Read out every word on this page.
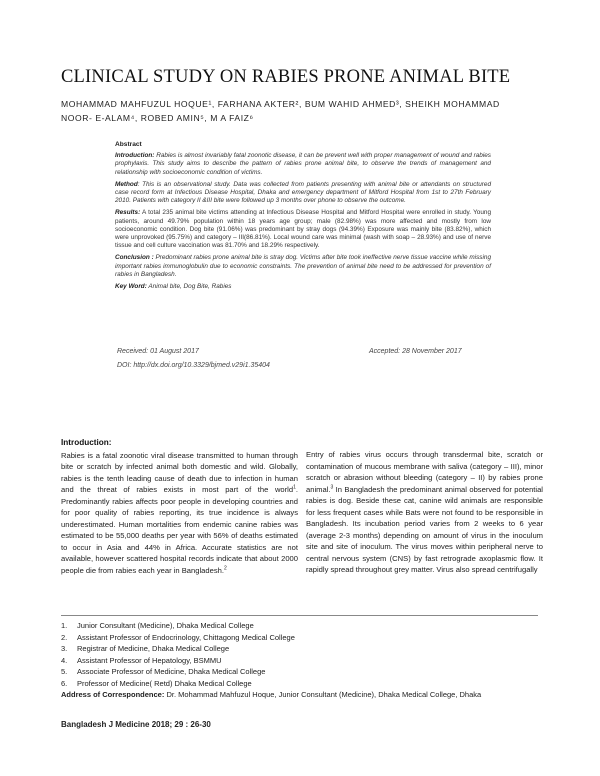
CLINICAL STUDY ON RABIES PRONE ANIMAL BITE
MOHAMMAD MAHFUZUL HOQUE¹, FARHANA AKTER², BUM WAHID AHMED³, SHEIKH MOHAMMAD
NOOR- E-ALAM⁴, ROBED AMIN⁵, M A FAIZ⁶
Abstract

Introduction: Rabies is almost invariably fatal zoonotic disease, it can be prevent well with proper management of wound and rabies prophylaxis. This study aims to describe the pattern of rabies prone animal bite, to observe the trends of management and relationship with socioeconomic condition of victims.

Method: This is an observational study. Data was collected from patients presenting with animal bite or attendants on structured case record form at Infectious Disease Hospital, Dhaka and emergency department of Mitford Hospital from 1st to 27th February 2010. Patients with category II &III bite were followed up 3 months over phone to observe the outcome.

Results: A total 235 animal bite victims attending at Infectious Disease Hospital and Mitford Hospital were enrolled in study. Young patients, around 49.79% population within 18 years age group; male (82.98%) was more affected and mostly from low socioeconomic condition. Dog bite (91.06%) was predominant by stray dogs (94.39%) Exposure was mainly bite (83.82%), which were unprovoked (95.75%) and category – III(86.81%). Local wound care was minimal (wash with soap – 28.93%) and use of nerve tissue and cell culture vaccination was 81.70% and 18.29% respectively.

Conclusion : Predominant rabies prone animal bite is stray dog. Victims after bite took ineffective nerve tissue vaccine while missing important rabies immunoglobulin due to economic constraints. The prevention of animal bite need to be addressed for prevention of rabies in Bangladesh.

Key Word: Animal bite, Dog Bite, Rabies

Received: 01 August 2017	Accepted: 28 November 2017
DOI: http://dx.doi.org/10.3329/bjmed.v29i1.35404
Introduction:

Rabies is a fatal zoonotic viral disease transmitted to human through bite or scratch by infected animal both domestic and wild. Globally, rabies is the tenth leading cause of death due to infection in human and the threat of rabies exists in most part of the world$^1$. Predominantly rabies affects poor people in developing countries and for poor quality of rabies reporting, its true incidence is always underestimated. Human mortalities from endemic canine rabies was estimated to be 55,000 deaths per year with 56% of deaths estimated to occur in Asia and 44% in Africa. Accurate statistics are not available, however scattered hospital records indicate that about 2000 people die from rabies each year in Bangladesh.$^2$

Entry of rabies virus occurs through transdermal bite, scratch or contamination of mucous membrane with saliva (category – III), minor scratch or abrasion without bleeding (category – II) by rabies prone animal.$^3$ In Bangladesh the predominant animal observed for potential rabies is dog. Beside these cat, canine wild animals are responsible for less frequent cases while Bats were not found to be responsible in Bangladesh. Its incubation period varies from 2 weeks to 6 year (average 2-3 months) depending on amount of virus in the inoculum site and site of inoculum. The virus moves within peripheral nerve to central nervous system (CNS) by fast retrograde axoplasmic flow. It rapidly spread throughout grey matter. Virus also spread centrifugally

1. Junior Consultant (Medicine), Dhaka Medical College
2. Assistant Professor of Endocrinology, Chittagong Medical College
3. Registrar of Medicine, Dhaka Medical College
4. Assistant Professor of Hepatology, BSMMU
5. Associate Professor of Medicine, Dhaka Medical College
6. Professor of Medicine( Retd) Dhaka Medical College
Address of Correspondence: Dr. Mohammad Mahfuzul Hoque, Junior Consultant (Medicine), Dhaka Medical College, Dhaka
Bangladesh J Medicine 2018; 29 : 26-30
